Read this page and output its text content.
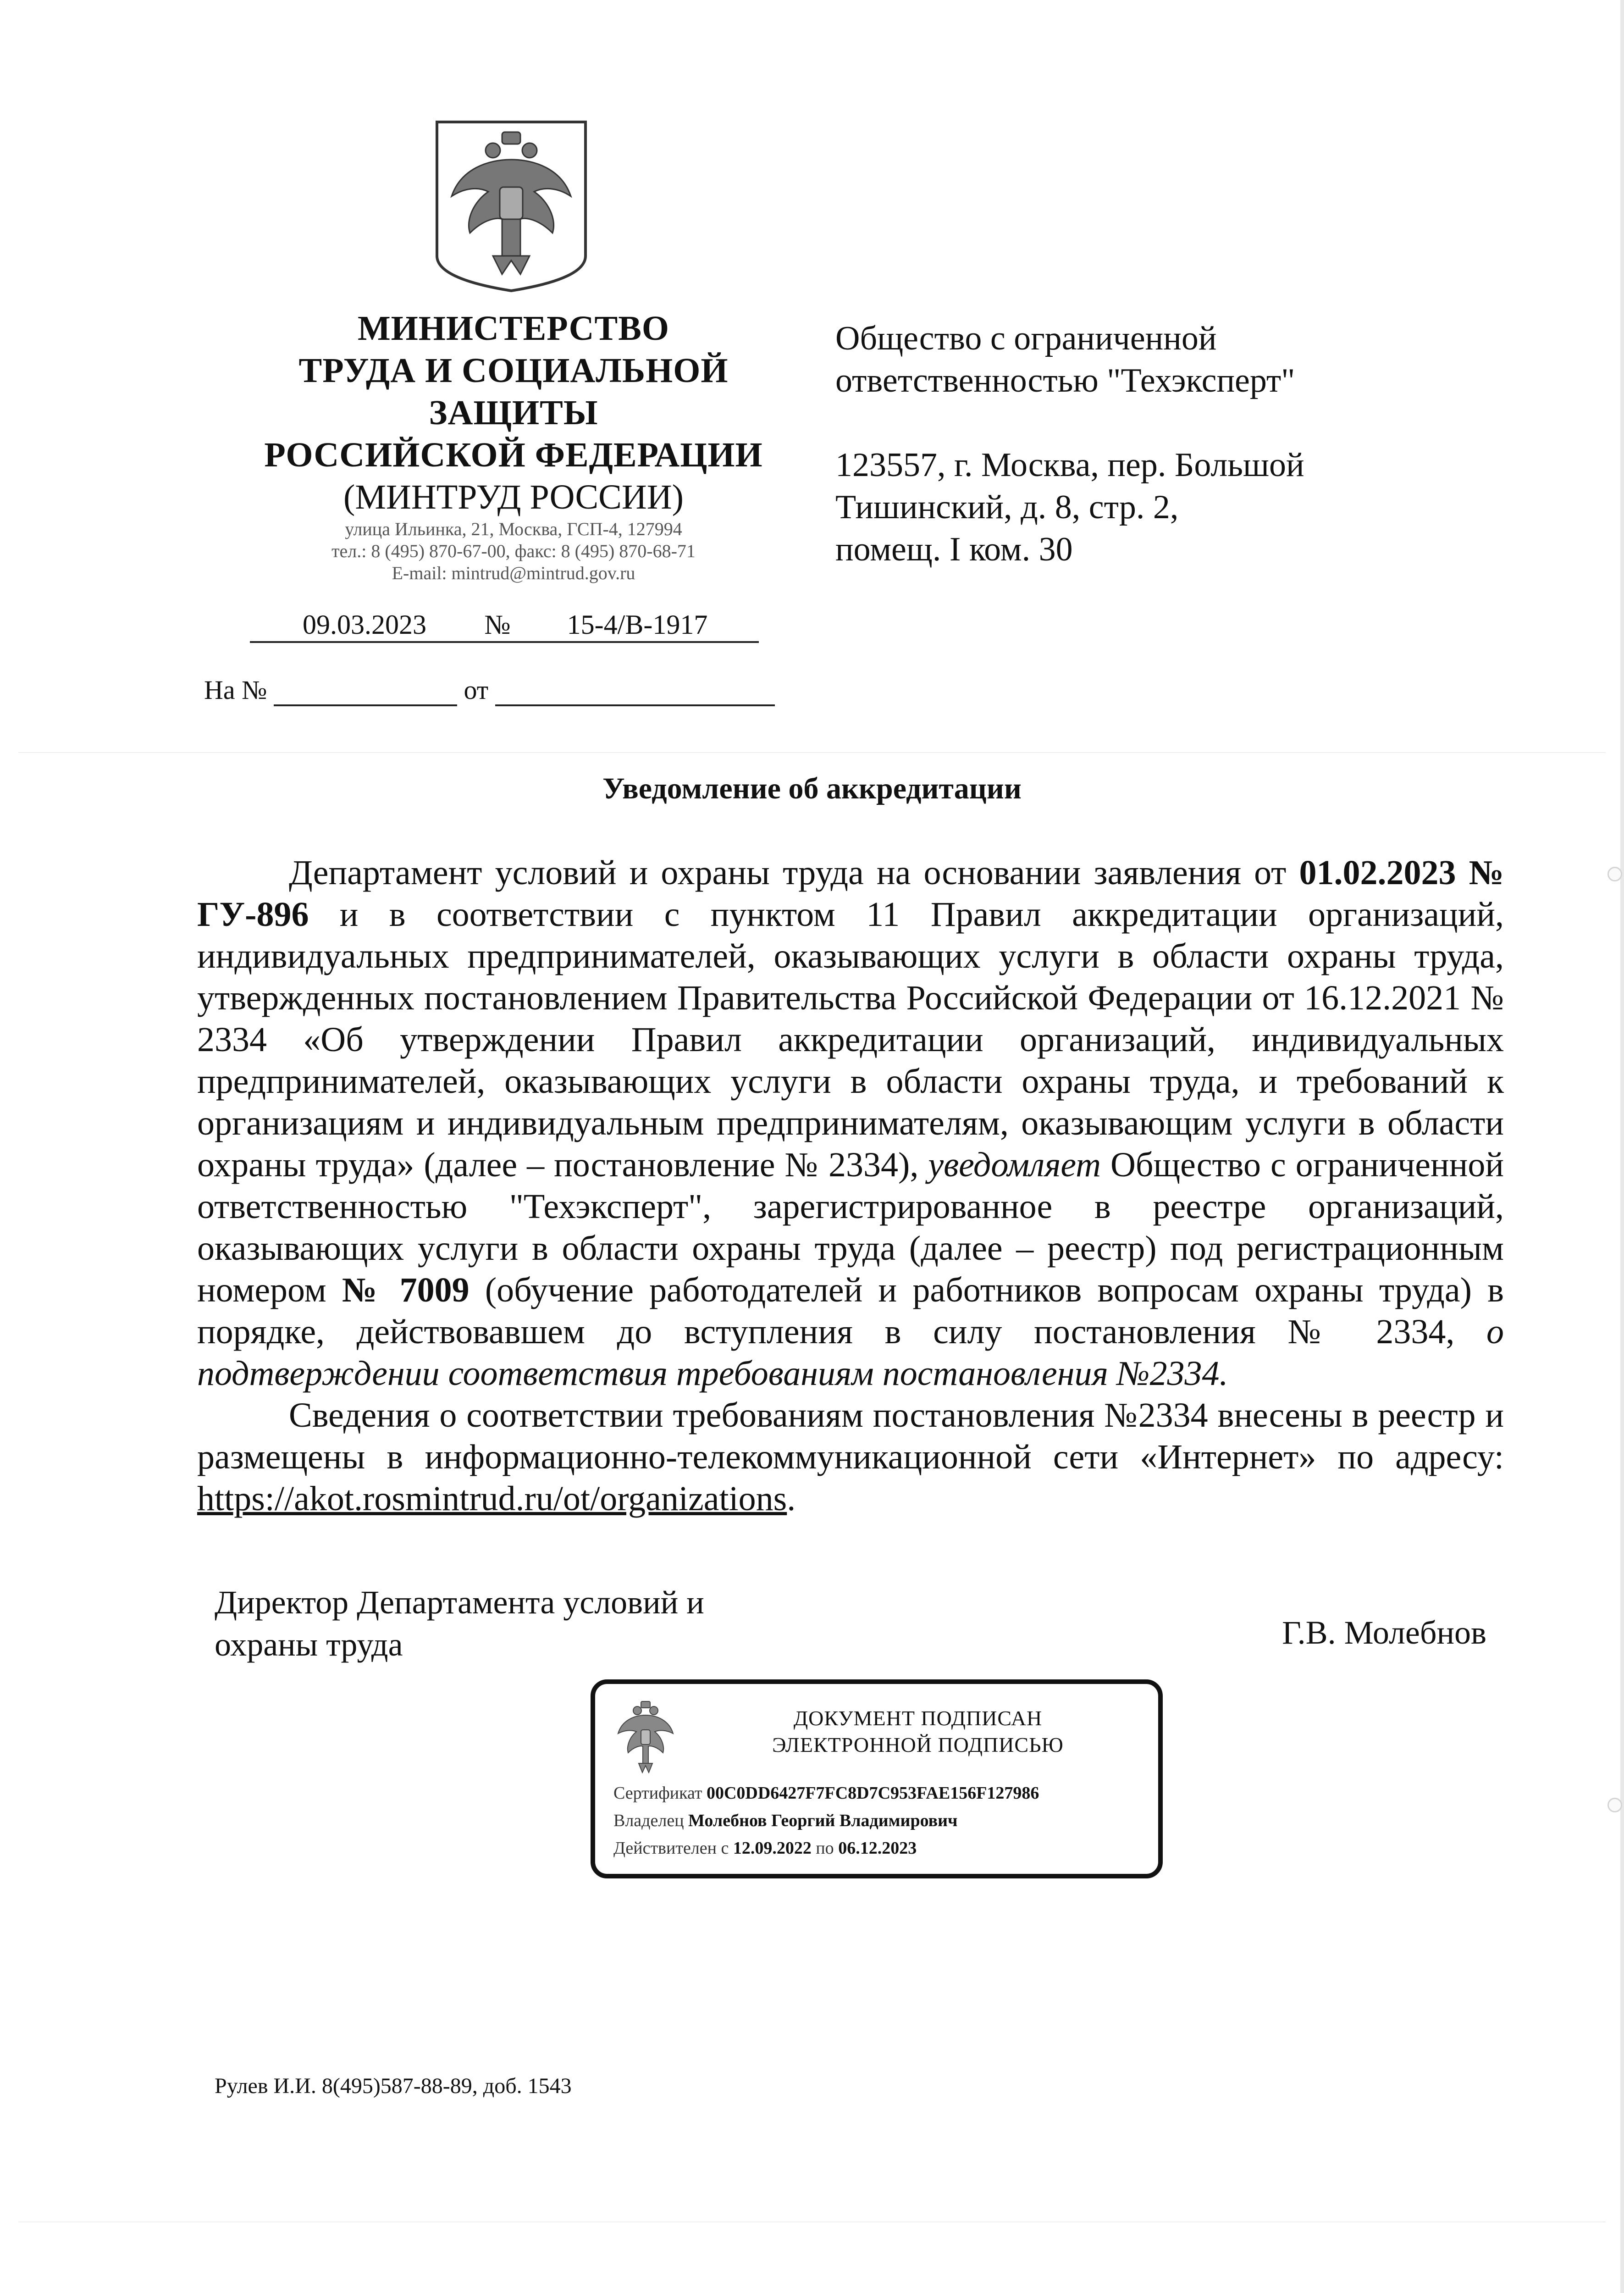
МИНИСТЕРСТВО
ТРУДА И СОЦИАЛЬНОЙ
ЗАЩИТЫ
РОССИЙСКОЙ ФЕДЕРАЦИИ
(МИНТРУД РОССИИ)
улица Ильинка, 21, Москва, ГСП-4, 127994
тел.: 8 (495) 870-67-00, факс: 8 (495) 870-68-71
E-mail: mintrud@mintrud.gov.ru
09.03.2023	№	15-4/В-1917
На №	от
Общество с ограниченной
ответственностью "Техэксперт"
123557, г. Москва, пер. Большой
Тишинский, д. 8, стр. 2,
помещ. I ком. 30
Уведомление об аккредитации

Департамент условий и охраны труда на основании заявления от 01.02.2023 № ГУ-896 и в соответствии с пунктом 11 Правил аккредитации организаций, индивидуальных предпринимателей, оказывающих услуги в области охраны труда, утвержденных постановлением Правительства Российской Федерации от 16.12.2021 № 2334 «Об утверждении Правил аккредитации организаций, индивидуальных предпринимателей, оказывающих услуги в области охраны труда, и требований к организациям и индивидуальным предпринимателям, оказывающим услуги в области охраны труда» (далее – постановление № 2334), уведомляет Общество с ограниченной ответственностью "Техэксперт", зарегистрированное в реестре организаций, оказывающих услуги в области охраны труда (далее – реестр) под регистрационным номером № 7009 (обучение работодателей и работников вопросам охраны труда) в порядке, действовавшем до вступления в силу постановления № 2334, о подтверждении соответствия требованиям постановления №2334.

Сведения о соответствии требованиям постановления №2334 внесены в реестр и размещены в информационно-телекоммуникационной сети «Интернет» по адресу: https://akot.rosmintrud.ru/ot/organizations.

Директор Департамента условий и
охраны труда	Г.В. Молебнов
ДОКУМЕНТ ПОДПИСАН
ЭЛЕКТРОННОЙ ПОДПИСЬЮ
Сертификат 00C0DD6427F7FC8D7C953FAE156F127986
Владелец Молебнов Георгий Владимирович
Действителен с 12.09.2022 по 06.12.2023
Рулев И.И. 8(495)587-88-89, доб. 1543
